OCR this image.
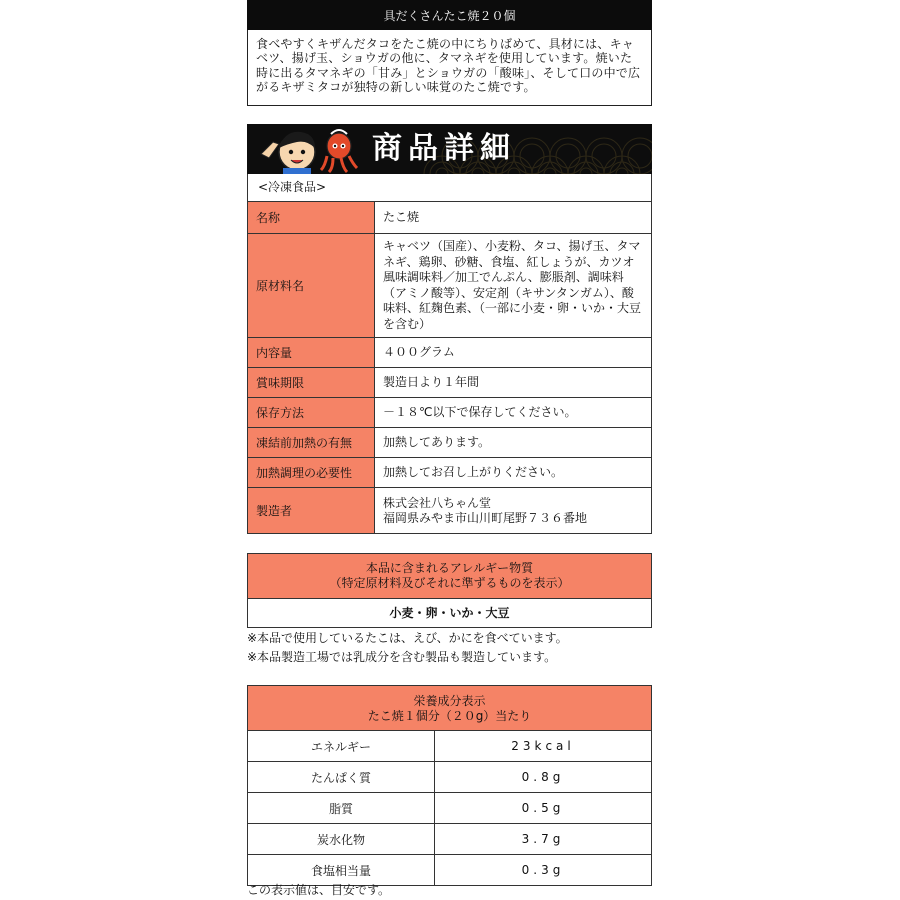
具だくさんたこ焼２０個
食べやすくキザんだタコをたこ焼の中にちりばめて、具材には、キャベツ、揚げ玉、ショウガの他に、タマネギを使用しています。焼いた時に出るタマネギの「甘み」とショウガの「酸味」、そして口の中で広がるキザミタコが独特の新しい味覚のたこ焼です。
商品詳細
<冷凍食品>
名称	たこ焼
原材料名	キャベツ（国産）、小麦粉、タコ、揚げ玉、タマネギ、鶏卵、砂糖、食塩、紅しょうが、カツオ風味調味料／加工でんぷん、膨脹剤、調味料（アミノ酸等）、安定剤（キサンタンガム）、酸味料、紅麹色素、（一部に小麦・卵・いか・大豆を含む）
内容量	４００グラム
賞味期限	製造日より１年間
保存方法	－１８℃以下で保存してください。
凍結前加熱の有無	加熱してあります。
加熱調理の必要性	加熱してお召し上がりください。
製造者	株式会社八ちゃん堂
福岡県みやま市山川町尾野７３６番地
本品に含まれるアレルギー物質
（特定原材料及びそれに準ずるものを表示）
小麦・卵・いか・大豆
※本品で使用しているたこは、えび、かにを食べています。
※本品製造工場では乳成分を含む製品も製造しています。
栄養成分表示
たこ焼１個分（２０g）当たり
エネルギー	23kcal
たんぱく質	0.8g
脂質	0.5g
炭水化物	3.7g
食塩相当量	0.3g
この表示値は、目安です。
